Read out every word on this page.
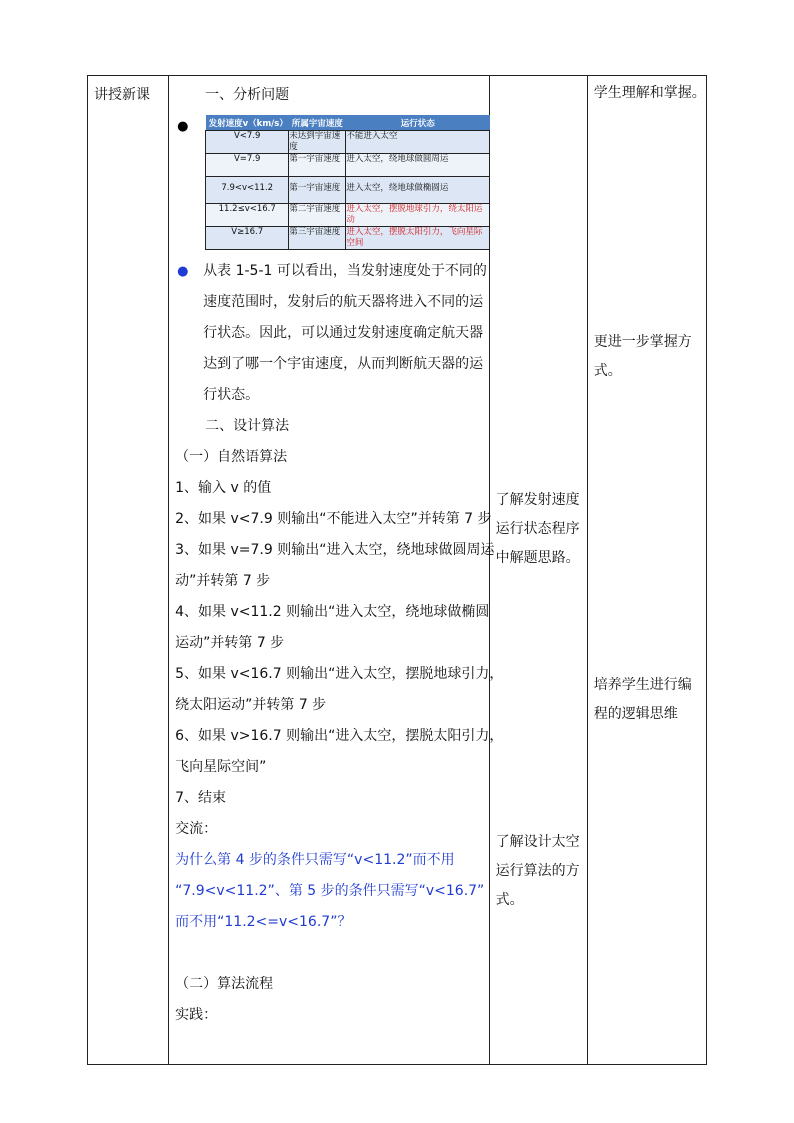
讲授新课	一、分析问题
● 发射速度v（km/s）	所属宇宙速度	运行状态
V<7.9	未达到宇宙速度	不能进入太空
V=7.9	第一宇宙速度	进入太空，绕地球做圆周运
7.9<v<11.2	第一宇宙速度	进入太空，绕地球做椭圆运
11.2≤v<16.7	第二宇宙速度	进入太空，摆脱地球引力，绕太阳运动
V≥16.7	第三宇宙速度	进入太空，摆脱太阳引力，飞向星际空间
● 从表 1-5-1 可以看出，当发射速度处于不同的
速度范围时，发射后的航天器将进入不同的运
行状态。因此，可以通过发射速度确定航天器
达到了哪一个宇宙速度，从而判断航天器的运
行状态。
二、设计算法
（一）自然语算法
1、输入 v 的值
2、如果 v<7.9 则输出“不能进入太空”并转第 7 步
3、如果 v=7.9 则输出“进入太空，绕地球做圆周运
动”并转第 7 步
4、如果 v<11.2 则输出“进入太空，绕地球做椭圆
运动”并转第 7 步
5、如果 v<16.7 则输出“进入太空，摆脱地球引力，
绕太阳运动”并转第 7 步
6、如果 v>16.7 则输出“进入太空，摆脱太阳引力，
飞向星际空间”
7、结束
交流：
为什么第 4 步的条件只需写“v<11.2”而不用
“7.9<v<11.2”、第 5 步的条件只需写“v<16.7”
而不用“11.2<=v<16.7”？
（二）算法流程
实践：

了解发射速度
运行状态程序
中解题思路。
了解设计太空
运行算法的方
式。

学生理解和掌握。
更进一步掌握方
式。
培养学生进行编
程的逻辑思维
